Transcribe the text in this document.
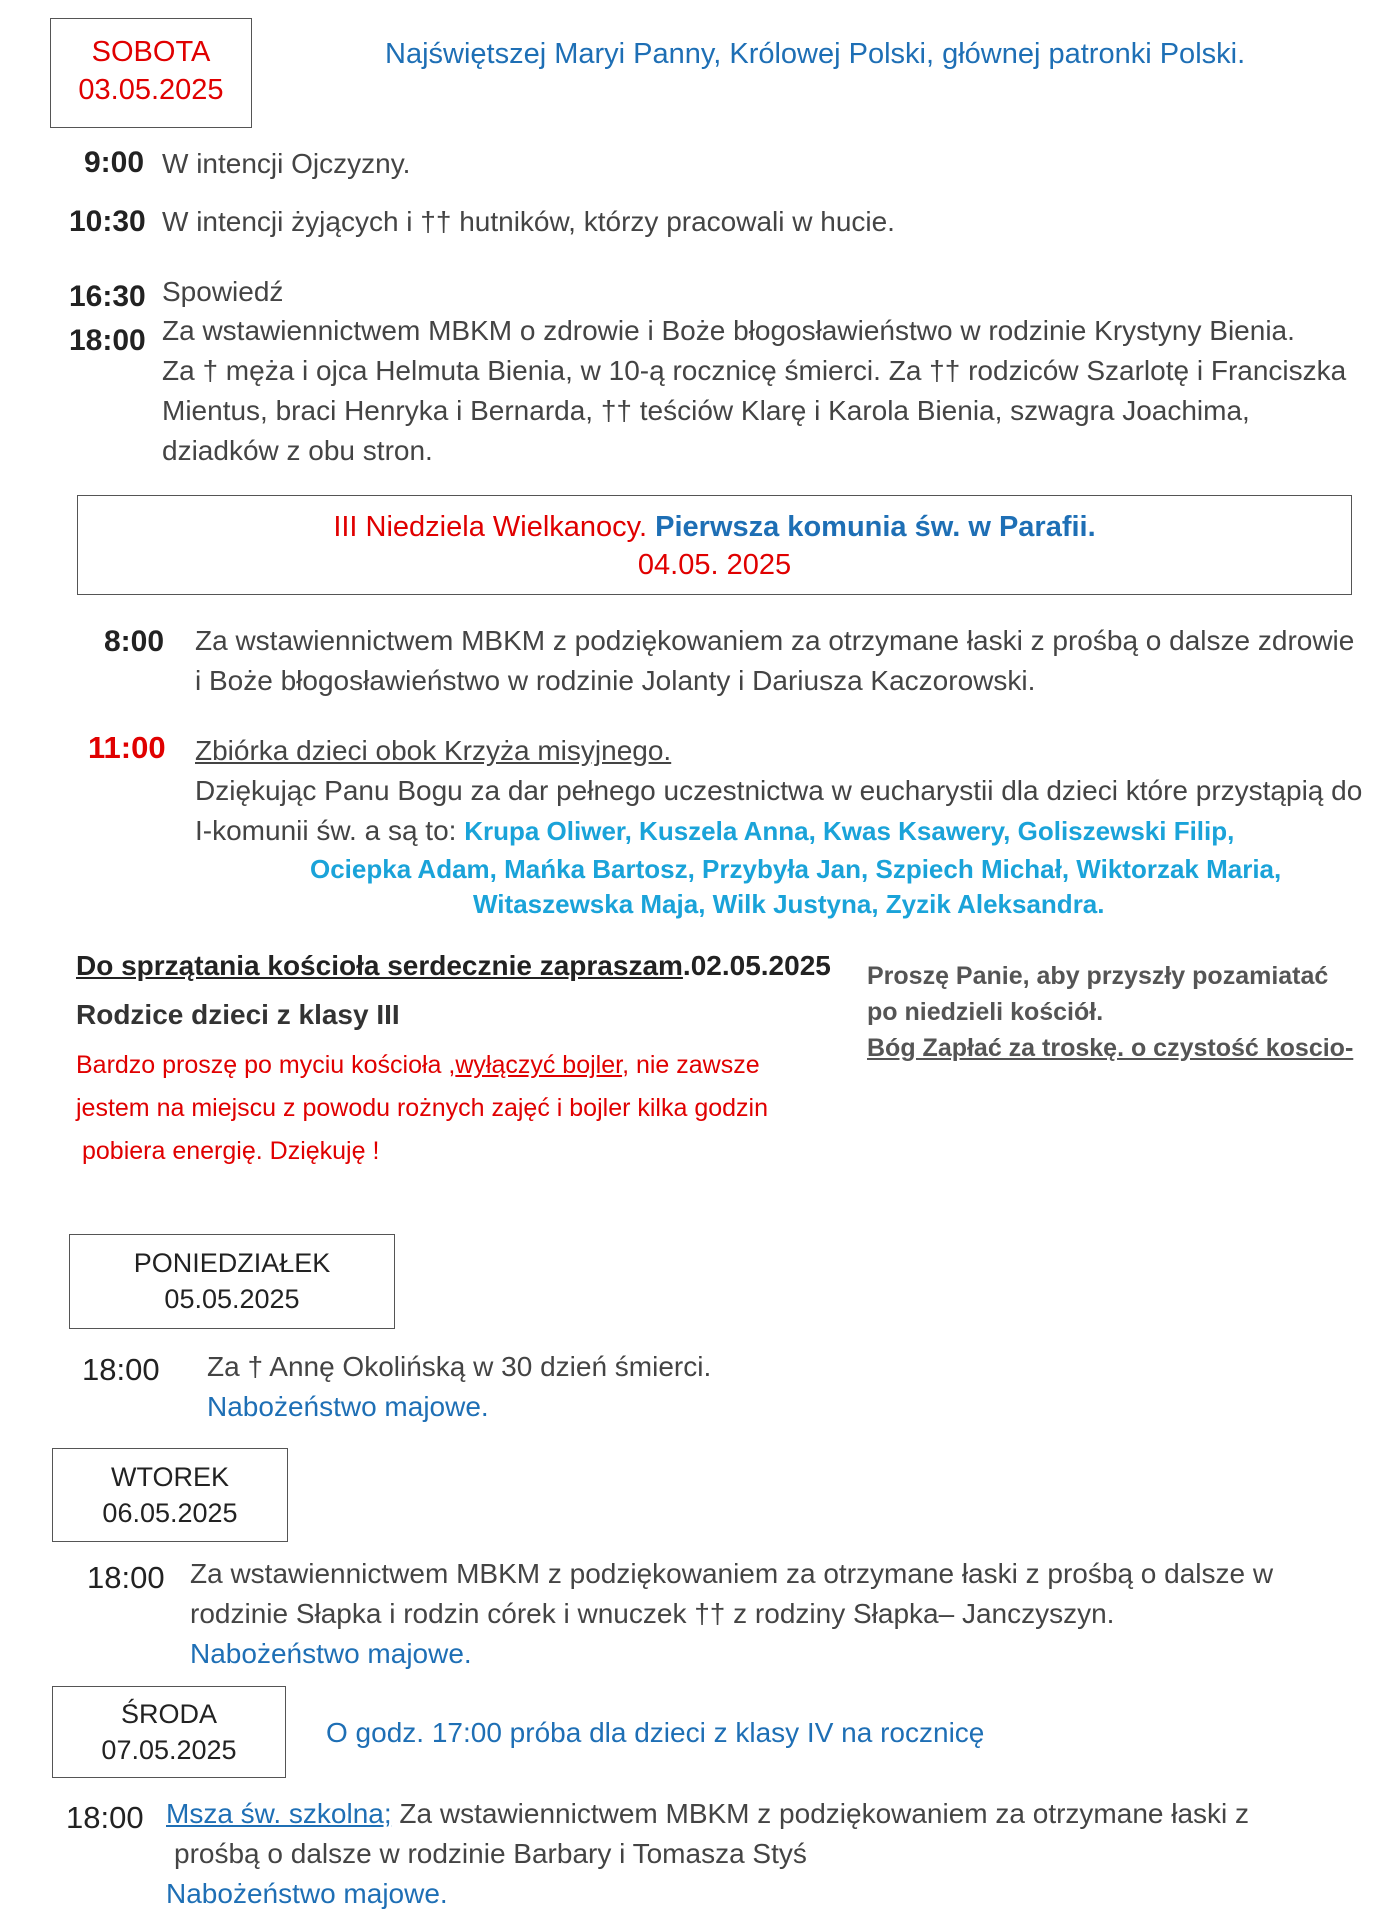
SOBOTA
03.05.2025
Najświętszej Maryi Panny, Królowej Polski, głównej patronki Polski.
9:00 W intencji Ojczyzny.
10:30 W intencji żyjących i †† hutników, którzy pracowali w hucie.
16:30 Spowiedź
18:00 Za wstawiennictwem MBKM o zdrowie i Boże błogosławieństwo w rodzinie Krystyny Bienia.
Za † męża i ojca Helmuta Bienia, w 10-ą rocznicę śmierci. Za †† rodziców Szarlotę i Franciszka
Mientus, braci Henryka i Bernarda, †† teściów Klarę i Karola Bienia, szwagra Joachima,
dziadków z obu stron.
III Niedziela Wielkanocy. Pierwsza komunia św. w Parafii.
04.05. 2025
8:00 Za wstawiennictwem MBKM z podziękowaniem za otrzymane łaski z prośbą o dalsze zdrowie
i Boże błogosławieństwo w rodzinie Jolanty i Dariusza Kaczorowski.
11:00 Zbiórka dzieci obok Krzyża misyjnego.
Dziękując Panu Bogu za dar pełnego uczestnictwa w eucharystii dla dzieci które przystąpią do
I-komunii św. a są to: Krupa Oliwer, Kuszela Anna, Kwas Ksawery, Goliszewski Filip,
Ociepka Adam, Mańka Bartosz, Przybyła Jan, Szpiech Michał, Wiktorzak Maria,
Witaszewska Maja, Wilk Justyna, Zyzik Aleksandra.
Do sprzątania kościoła serdecznie zapraszam.02.05.2025
Rodzice dzieci z klasy III
Bardzo proszę po myciu kościoła ,wyłączyć bojler, nie zawsze
jestem na miejscu z powodu rożnych zajęć i bojler kilka godzin
pobiera energię. Dziękuję !
Proszę Panie, aby przyszły pozamiatać
po niedzieli kościół.
Bóg Zapłać za troskę. o czystość koscio-
PONIEDZIAŁEK
05.05.2025
18:00 Za † Annę Okolińską w 30 dzień śmierci.
Nabożeństwo majowe.
WTOREK
06.05.2025
18:00 Za wstawiennictwem MBKM z podziękowaniem za otrzymane łaski z prośbą o dalsze w
rodzinie Słapka i rodzin córek i wnuczek †† z rodziny Słapka– Janczyszyn.
Nabożeństwo majowe.
ŚRODA
07.05.2025
O godz. 17:00 próba dla dzieci z klasy IV na rocznicę
18:00 Msza św. szkolna; Za wstawiennictwem MBKM z podziękowaniem za otrzymane łaski z
prośbą o dalsze w rodzinie Barbary i Tomasza Styś
Nabożeństwo majowe.
